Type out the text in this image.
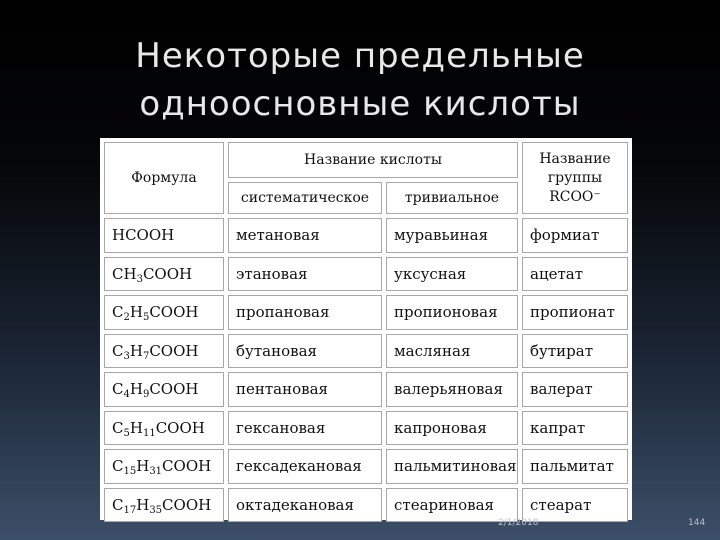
Некоторые предельные
одноосновные кислоты
Формула
Название кислоты
систематическое	тривиальное
Название
группы
RCOO⁻
HCOOH	метановая	муравьиная	формиат
$CH_3COOH$	этановая	уксусная	ацетат
$C_2H_5COOH$	пропановая	пропионовая	пропионат
$C_3H_7COOH$	бутановая	масляная	бутират
$C_4H_9COOH$	пентановая	валерьяновая	валерат
$C_5H_{11}COOH$	гексановая	капроновая	капрат
$C_{15}H_{31}COOH$	гексадекановая	пальмитиновая пальмитат
$C_{17}H_{35}COOH$	октадекановая	стеариновая	стеарат
2/1/2018	144
